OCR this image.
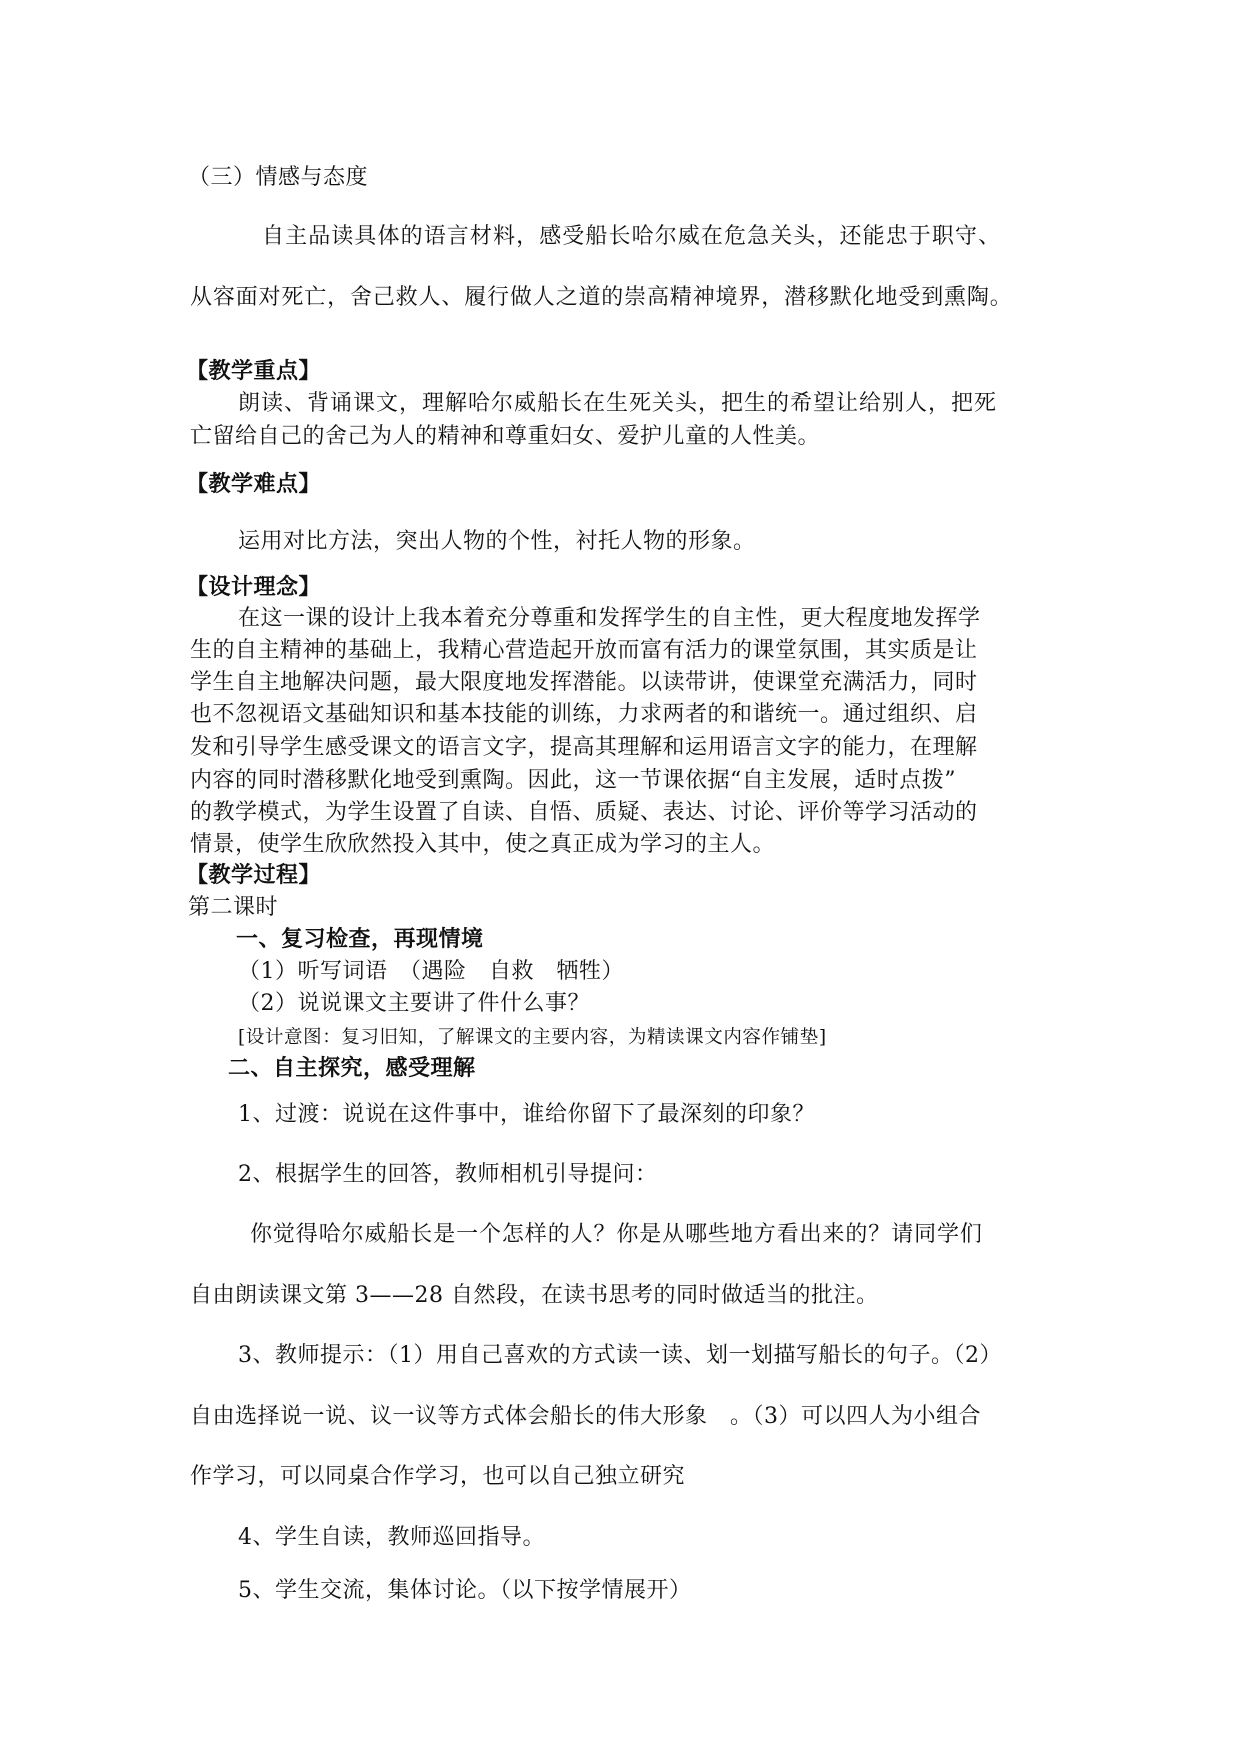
（三）情感与态度
自主品读具体的语言材料，感受船长哈尔威在危急关头，还能忠于职守、
从容面对死亡，舍己救人、履行做人之道的崇高精神境界，潜移默化地受到熏陶。
【教学重点】
朗读、背诵课文，理解哈尔威船长在生死关头，把生的希望让给别人，把死
亡留给自己的舍己为人的精神和尊重妇女、爱护儿童的人性美。
【教学难点】
运用对比方法，突出人物的个性，衬托人物的形象。
【设计理念】
在这一课的设计上我本着充分尊重和发挥学生的自主性，更大程度地发挥学
生的自主精神的基础上，我精心营造起开放而富有活力的课堂氛围，其实质是让
学生自主地解决问题，最大限度地发挥潜能。以读带讲，使课堂充满活力，同时
也不忽视语文基础知识和基本技能的训练，力求两者的和谐统一。通过组织、启
发和引导学生感受课文的语言文字，提高其理解和运用语言文字的能力，在理解
内容的同时潜移默化地受到熏陶。因此，这一节课依据“自主发展，适时点拨”
的教学模式，为学生设置了自读、自悟、质疑、表达、讨论、评价等学习活动的
情景，使学生欣欣然投入其中，使之真正成为学习的主人。
【教学过程】
第二课时
一、复习检查，再现情境
（1）听写词语　（遇险　自救　牺牲）
（2）说说课文主要讲了件什么事？
[设计意图：复习旧知，了解课文的主要内容，为精读课文内容作铺垫]
二、自主探究，感受理解
1、过渡：说说在这件事中，谁给你留下了最深刻的印象？
2、根据学生的回答，教师相机引导提问：
你觉得哈尔威船长是一个怎样的人？你是从哪些地方看出来的？请同学们
自由朗读课文第 3——28 自然段，在读书思考的同时做适当的批注。
3、教师提示：（1）用自己喜欢的方式读一读、划一划描写船长的句子。（2）
自由选择说一说、议一议等方式体会船长的伟大形象　。（3）可以四人为小组合
作学习，可以同桌合作学习，也可以自己独立研究
4、学生自读，教师巡回指导。
5、学生交流，集体讨论。（以下按学情展开）
